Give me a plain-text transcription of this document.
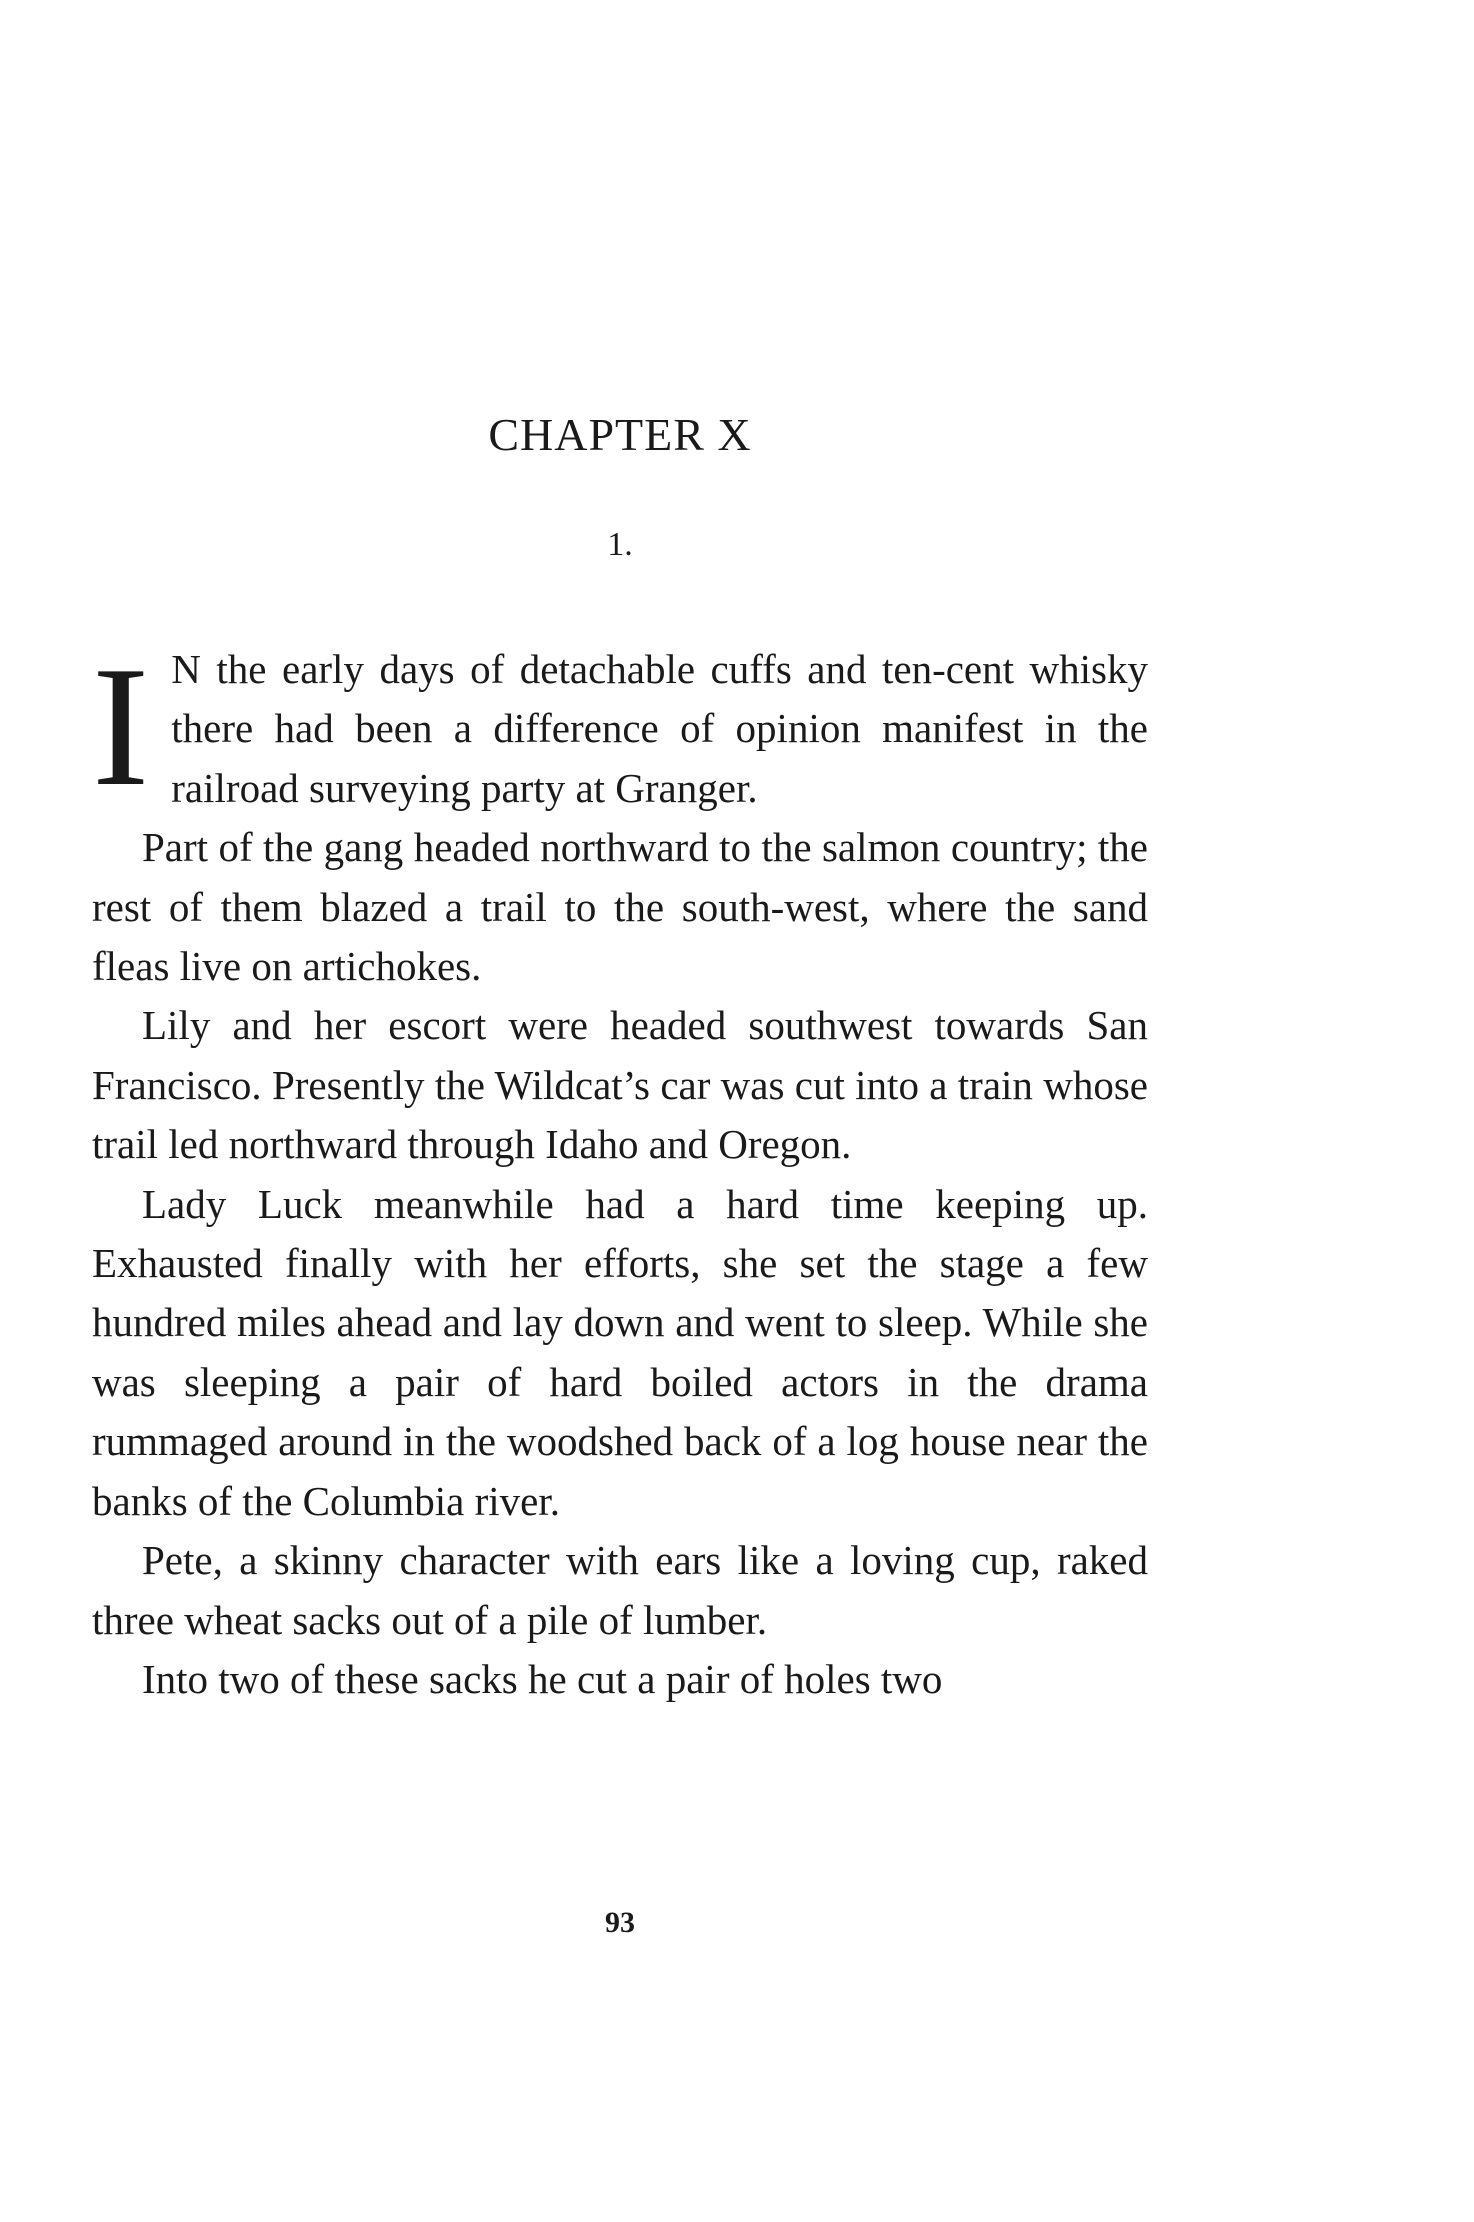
CHAPTER X
1.

I N the early days of detachable cuffs and ten-cent whisky there had been a difference of opinion manifest in the railroad surveying party at Granger.

Part of the gang headed northward to the salmon country; the rest of them blazed a trail to the south-west, where the sand fleas live on artichokes.

Lily and her escort were headed southwest towards San Francisco. Presently the Wildcat’s car was cut into a train whose trail led northward through Idaho and Oregon.

Lady Luck meanwhile had a hard time keeping up. Exhausted finally with her efforts, she set the stage a few hundred miles ahead and lay down and went to sleep. While she was sleeping a pair of hard boiled actors in the drama rummaged around in the woodshed back of a log house near the banks of the Columbia river.

Pete, a skinny character with ears like a loving cup, raked three wheat sacks out of a pile of lumber.

Into two of these sacks he cut a pair of holes two

93
